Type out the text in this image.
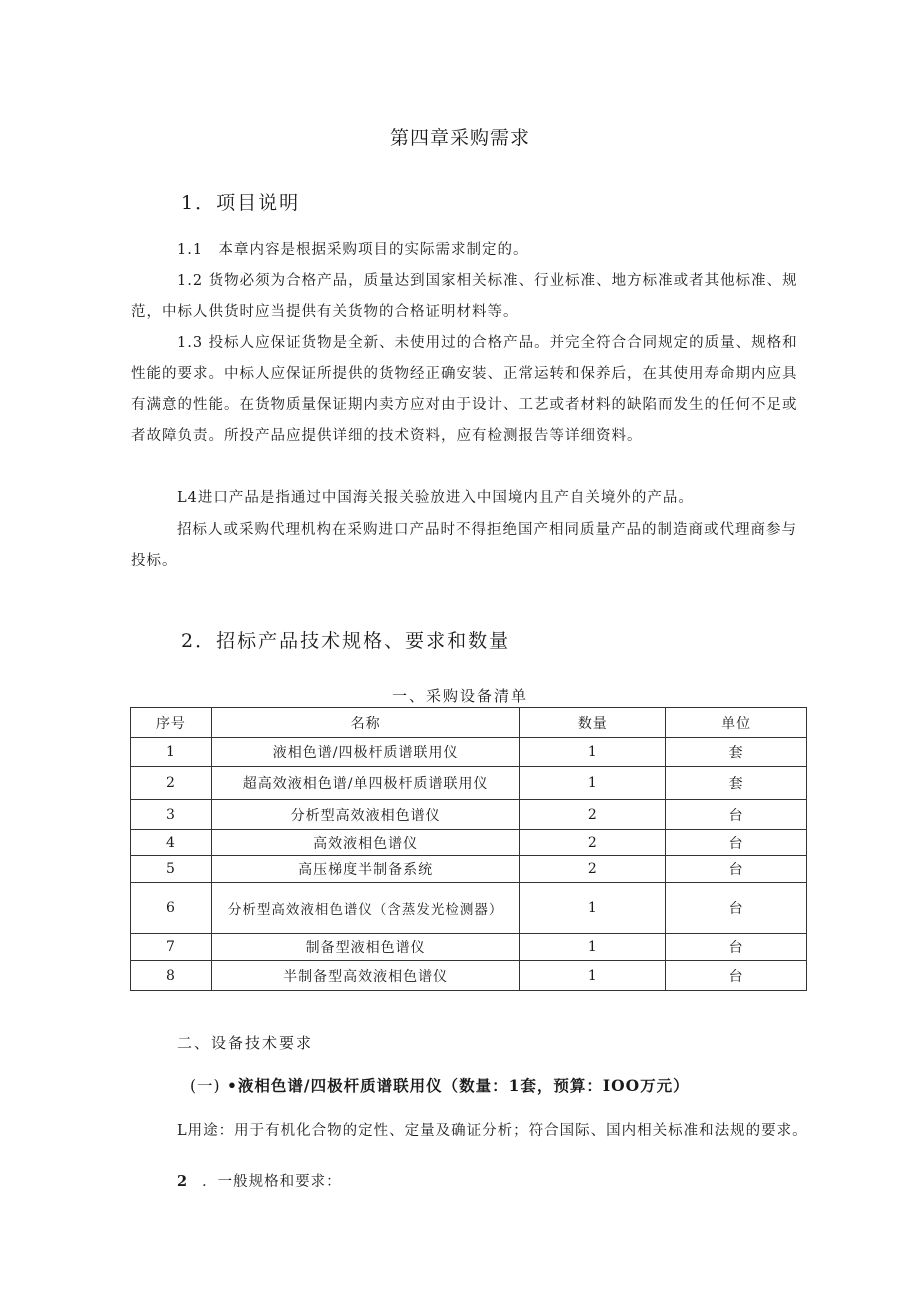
第四章采购需求
1．项目说明
1.1　本章内容是根据采购项目的实际需求制定的。
1.2 货物必须为合格产品，质量达到国家相关标准、行业标准、地方标准或者其他标准、规范，中标人供货时应当提供有关货物的合格证明材料等。
1.3 投标人应保证货物是全新、未使用过的合格产品。并完全符合合同规定的质量、规格和性能的要求。中标人应保证所提供的货物经正确安装、正常运转和保养后，在其使用寿命期内应具有满意的性能。在货物质量保证期内卖方应对由于设计、工艺或者材料的缺陷而发生的任何不足或者故障负责。所投产品应提供详细的技术资料，应有检测报告等详细资料。
L4进口产品是指通过中国海关报关验放进入中国境内且产自关境外的产品。
招标人或采购代理机构在采购进口产品时不得拒绝国产相同质量产品的制造商或代理商参与投标。
2．招标产品技术规格、要求和数量
一、采购设备清单
序号	名称	数量	单位
1	液相色谱/四极杆质谱联用仪	1	套
2	超高效液相色谱/单四极杆质谱联用仪	1	套
3	分析型高效液相色谱仪	2	台
4	高效液相色谱仪	2	台
5	高压梯度半制备系统	2	台
6	分析型高效液相色谱仪（含蒸发光检测器）	1	台
7	制备型液相色谱仪	1	台
8	半制备型高效液相色谱仪	1	台
二、设备技术要求
(一) •液相色谱/四极杆质谱联用仪（数量：1套，预算：IOO万元）
L用途：用于有机化合物的定性、定量及确证分析；符合国际、国内相关标准和法规的要求。
2 ．一般规格和要求：
